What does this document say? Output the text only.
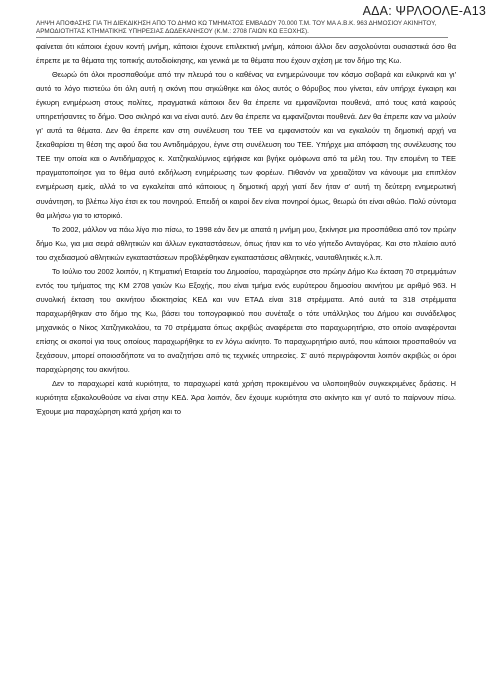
ΑΔΑ: ΨΡΛΟΟΛΕ-Α13
ΛΗΨΗ ΑΠΟΦΑΣΗΣ ΓΙΑ ΤΗ ΔΙΕΚΔΙΚΗΣΗ ΑΠΟ ΤΟ ΔΗΜΟ ΚΩ ΤΜΗΜΑΤΟΣ ΕΜΒΑΔΟΥ 70.000 Τ.Μ. ΤΟΥ ΜΑ Α.Β.Κ. 963 ΔΗΜΟΣΙΟΥ ΑΚΙΝΗΤΟΥ, ΑΡΜΟΔΙΟΤΗΤΑΣ ΚΤΗΜΑΤΙΚΗΣ ΥΠΗΡΕΣΙΑΣ ΔΩΔΕΚΑΝΗΣΟΥ (Κ.Μ.: 2708 ΓΑΙΩΝ ΚΩ ΕΞΟΧΗΣ).

φαίνεται ότι κάποιοι έχουν κοντή μνήμη, κάποιοι έχουνε επιλεκτική μνήμη, κάποιοι άλλοι δεν ασχολούνται ουσιαστικά όσο θα έπρεπε με τα θέματα της τοπικής αυτοδιοίκησης, και γενικά με τα θέματα που έχουν σχέση με τον δήμο της Κω.

Θεωρώ ότι όλοι προσπαθούμε από την πλευρά του ο καθένας να ενημερώνουμε τον κόσμο σοβαρά και ειλικρινά και γι' αυτό το λόγο πιστεύω ότι όλη αυτή η σκόνη που σηκώθηκε και όλος αυτός ο θόρυβος που γίνεται, εάν υπήρχε έγκαιρη και έγκυρη ενημέρωση στους πολίτες, πραγματικά κάποιοι δεν θα έπρεπε να εμφανίζονται πουθενά, από τους κατά καιρούς υπηρετήσαντες το δήμο. Όσο σκληρό και να είναι αυτό. Δεν θα έπρεπε να εμφανίζονται πουθενά. Δεν θα έπρεπε καν να μιλούν γι' αυτά τα θέματα. Δεν θα έπρεπε καν στη συνέλευση του ΤΕΕ να εμφανιστούν και να εγκαλούν τη δημοτική αρχή να ξεκαθαρίσει τη θέση της αφού δια του Αντιδημάρχου, έγινε στη συνέλευση του ΤΕΕ. Υπήρχε μια απόφαση της συνέλευσης του ΤΕΕ την οποία και ο Αντιδήμαρχος κ. Χατζηκαλύμνιος εψήφισε και βγήκε ομόφωνα από τα μέλη του. Την επομένη το ΤΕΕ πραγματοποίησε για το θέμα αυτό εκδήλωση ενημέρωσης των φορέων. Πιθανόν να χρειαζόταν να κάνουμε μια επιπλέον ενημέρωση εμείς, αλλά το να εγκαλείται από κάποιους η δημοτική αρχή γιατί δεν ήταν σ' αυτή τη δεύτερη ενημερωτική συνάντηση, το βλέπω λίγο έτσι εκ του πονηρού. Επειδή οι καιροί δεν είναι πονηροί όμως, θεωρώ ότι είναι αθώο. Πολύ σύντομα θα μιλήσω για το ιστορικό.

Το 2002, μάλλον να πάω λίγο πιο πίσω, το 1998 εάν δεν με απατά η μνήμη μου, ξεκίνησε μια προσπάθεια από τον πρώην δήμο Κω, για μια σειρά αθλητικών και άλλων εγκαταστάσεων, όπως ήταν και το νέο γήπεδο Ανταγόρας. Και στο πλαίσιο αυτό του σχεδιασμού αθλητικών εγκαταστάσεων προβλέφθηκαν εγκαταστάσεις αθλητικές, ναυταθλητικές κ.λ.π.

Το Ιούλιο του 2002 λοιπόν, η Κτηματική Εταιρεία του Δημοσίου, παραχώρησε στο πρώην Δήμο Κω έκταση 70 στρεμμάτων εντός του τμήματος της ΚΜ 2708 γαιών Κω Εξοχής, που είναι τμήμα ενός ευρύτερου δημοσίου ακινήτου με αριθμό 963. Η συνολική έκταση του ακινήτου ιδιοκτησίας ΚΕΔ και νυν ΕΤΑΔ είναι 318 στρέμματα. Από αυτά τα 318 στρέμματα παραχωρήθηκαν στο δήμο της Κω, βάσει του τοπογραφικού που συνέταξε ο τότε υπάλληλος του Δήμου και συνάδελφος μηχανικός ο Νίκος Χατζηνικολάου, τα 70 στρέμματα όπως ακριβώς αναφέρεται στο παραχωρητήριο, στο οποίο αναφέρονται επίσης οι σκοποί για τους οποίους παραχωρήθηκε το εν λόγω ακίνητο. Το παραχωρητήριο αυτό, που κάποιοι προσπαθούν να ξεχάσουν, μπορεί οποιοσδήποτε να το αναζητήσει από τις τεχνικές υπηρεσίες. Σ' αυτό περιγράφονται λοιπόν ακριβώς οι όροι παραχώρησης του ακινήτου.

Δεν το παραχωρεί κατά κυριότητα, το παραχωρεί κατά χρήση προκειμένου να υλοποιηθούν συγκεκριμένες δράσεις. Η κυριότητα εξακολουθούσε να είναι στην ΚΕΔ. Άρα λοιπόν, δεν έχουμε κυριότητα στο ακίνητο και γι' αυτό το παίρνουν πίσω. Έχουμε μια παραχώρηση κατά χρήση και το
